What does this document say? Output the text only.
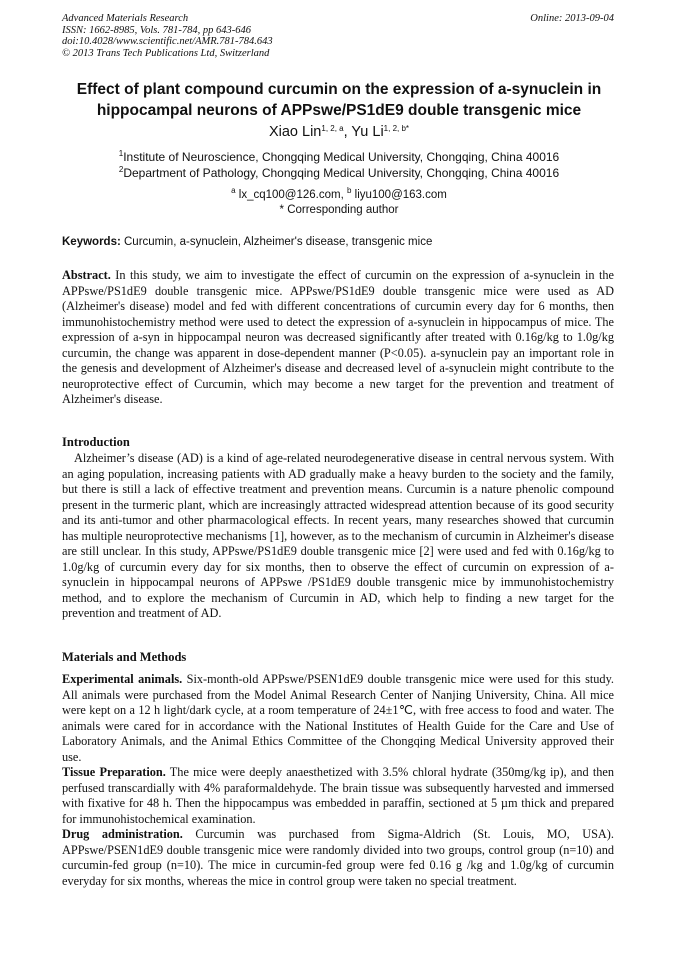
Advanced Materials Research
ISSN: 1662-8985, Vols. 781-784, pp 643-646
doi:10.4028/www.scientific.net/AMR.781-784.643
© 2013 Trans Tech Publications Ltd, Switzerland
Online: 2013-09-04
Effect of plant compound curcumin on the expression of a-synuclein in
hippocampal neurons of APPswe/PS1dE9 double transgenic mice
Xiao Lin$^{1, 2, a}$, Yu $Li^{1, 2, b*}$
$^1$Institute of Neuroscience, Chongqing Medical University, Chongqing, China 40016
$^2$Department of Pathology, Chongqing Medical University, Chongqing, China 40016
$^a$ lx_cq100@126.com, $^b$ liyu100@163.com
* Corresponding author
Keywords: Curcumin, a-synuclein, Alzheimer's disease, transgenic mice

Abstract. In this study, we aim to investigate the effect of curcumin on the expression of a-synuclein in the APPswe/PS1dE9 double transgenic mice. APPswe/PS1dE9 double transgenic mice were used as AD (Alzheimer's disease) model and fed with different concentrations of curcumin every day for 6 months, then immunohistochemistry method were used to detect the expression of a-synuclein in hippocampus of mice. The expression of a-syn in hippocampal neuron was decreased significantly after treated with 0.16g/kg to 1.0g/kg curcumin, the change was apparent in dose-dependent manner (P<0.05). a-synuclein pay an important role in the genesis and development of Alzheimer's disease and decreased level of a-synuclein might contribute to the neuroprotective effect of Curcumin, which may become a new target for the prevention and treatment of Alzheimer's disease.

Introduction

Alzheimer’s disease (AD) is a kind of age-related neurodegenerative disease in central nervous system. With an aging population, increasing patients with AD gradually make a heavy burden to the society and the family, but there is still a lack of effective treatment and prevention means. Curcumin is a nature phenolic compound present in the turmeric plant, which are increasingly attracted widespread attention because of its good security and its anti-tumor and other pharmacological effects. In recent years, many researches showed that curcumin has multiple neuroprotective mechanisms [1], however, as to the mechanism of curcumin in Alzheimer's disease are still unclear. In this study, APPswe/PS1dE9 double transgenic mice [2] were used and fed with 0.16g/kg to 1.0g/kg of curcumin every day for six months, then to observe the effect of curcumin on expression of a-synuclein in hippocampal neurons of APPswe /PS1dE9 double transgenic mice by immunohistochemistry method, and to explore the mechanism of Curcumin in AD, which help to finding a new target for the prevention and treatment of AD.

Materials and Methods

Experimental animals. Six-month-old APPswe/PSEN1dE9 double transgenic mice were used for this study. All animals were purchased from the Model Animal Research Center of Nanjing University, China. All mice were kept on a 12 h light/dark cycle, at a room temperature of 24±1℃, with free access to food and water. The animals were cared for in accordance with the National Institutes of Health Guide for the Care and Use of Laboratory Animals, and the Animal Ethics Committee of the Chongqing Medical University approved their use.

Tissue Preparation. The mice were deeply anaesthetized with 3.5% chloral hydrate (350mg/kg ip), and then perfused transcardially with 4% paraformaldehyde. The brain tissue was subsequently harvested and immersed with fixative for 48 h. Then the hippocampus was embedded in paraffin, sectioned at 5 µm thick and prepared for immunohistochemical examination.

Drug administration. Curcumin was purchased from Sigma-Aldrich (St. Louis, MO, USA). APPswe/PSEN1dE9 double transgenic mice were randomly divided into two groups, control group (n=10) and curcumin-fed group (n=10). The mice in curcumin-fed group were fed 0.16 g /kg and 1.0g/kg of curcumin everyday for six months, whereas the mice in control group were taken no special treatment.
